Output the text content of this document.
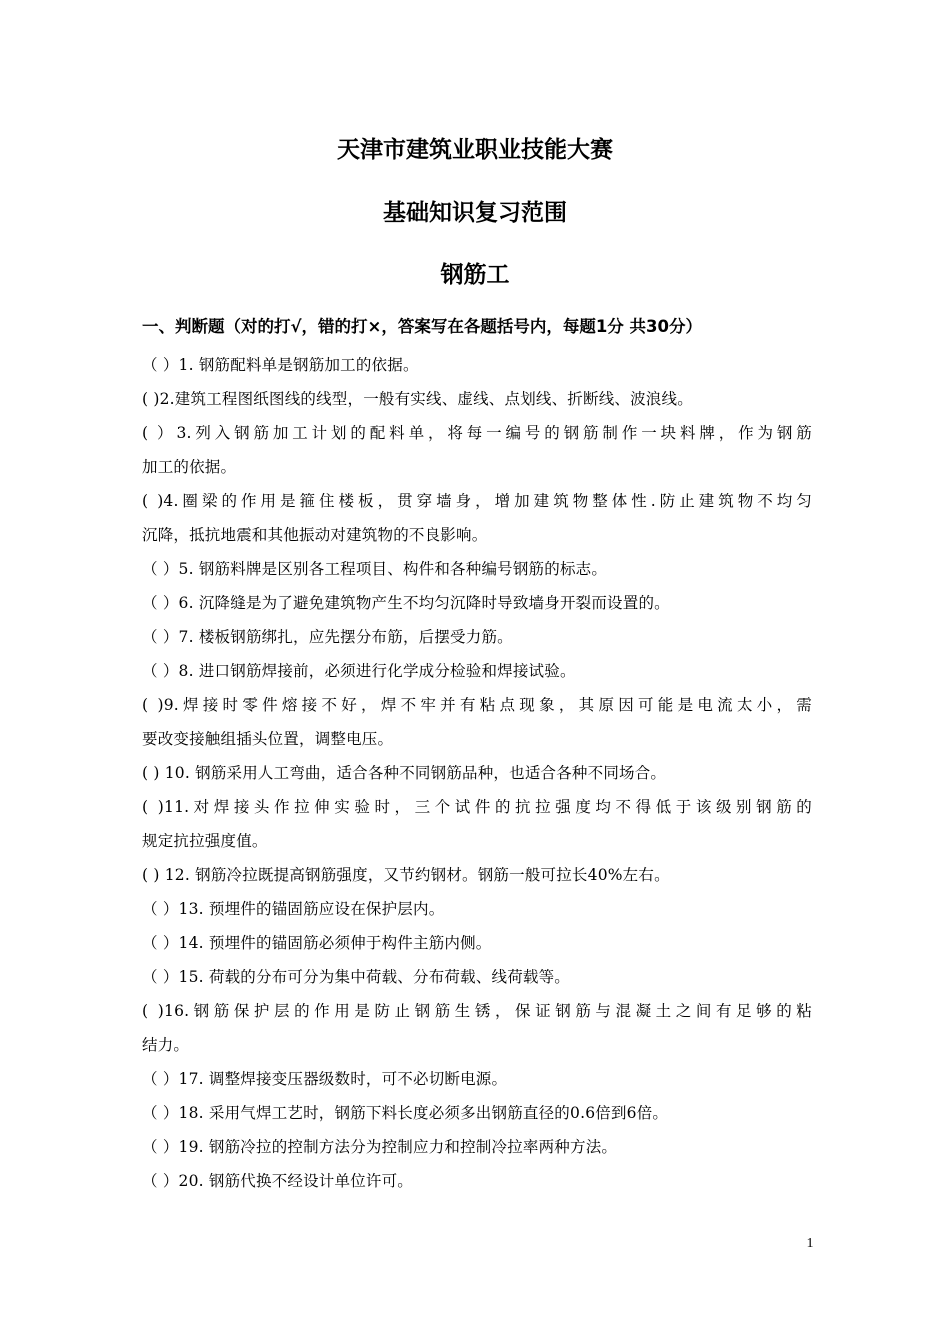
天津市建筑业职业技能大赛
基础知识复习范围
钢筋工
一、判断题（对的打√，错的打×，答案写在各题括号内，每题1分 共30分）
（ ）1. 钢筋配料单是钢筋加工的依据。
( )2.建筑工程图纸图线的线型，一般有实线、虚线、点划线、折断线、波浪线。
( ）3.列入钢筋加工计划的配料单，将每一编号的钢筋制作一块料牌，作为钢筋
加工的依据。
( )4.圈梁的作用是箍住楼板，贯穿墙身，增加建筑物整体性.防止建筑物不均匀
沉降，抵抗地震和其他振动对建筑物的不良影响。
（ ）5. 钢筋料牌是区别各工程项目、构件和各种编号钢筋的标志。
（ ）6. 沉降缝是为了避免建筑物产生不均匀沉降时导致墙身开裂而设置的。
（ ）7. 楼板钢筋绑扎，应先摆分布筋，后摆受力筋。
（ ）8. 进口钢筋焊接前，必须进行化学成分检验和焊接试验。
( )9.焊接时零件熔接不好，焊不牢并有粘点现象，其原因可能是电流太小，需
要改变接触组插头位置，调整电压。
( ) 10. 钢筋采用人工弯曲，适合各种不同钢筋品种，也适合各种不同场合。
( )11.对焊接头作拉伸实验时，三个试件的抗拉强度均不得低于该级别钢筋的
规定抗拉强度值。
( ) 12. 钢筋冷拉既提高钢筋强度，又节约钢材。钢筋一般可拉长40%左右。
（ ）13. 预埋件的锚固筋应设在保护层内。
（ ）14. 预埋件的锚固筋必须伸于构件主筋内侧。
（ ）15. 荷载的分布可分为集中荷载、分布荷载、线荷载等。
( )16.钢筋保护层的作用是防止钢筋生锈，保证钢筋与混凝土之间有足够的粘
结力。
（ ）17. 调整焊接变压器级数时，可不必切断电源。
（ ）18. 采用气焊工艺时，钢筋下料长度必须多出钢筋直径的0.6倍到6倍。
（ ）19. 钢筋冷拉的控制方法分为控制应力和控制冷拉率两种方法。
（ ）20. 钢筋代换不经设计单位许可。
1
